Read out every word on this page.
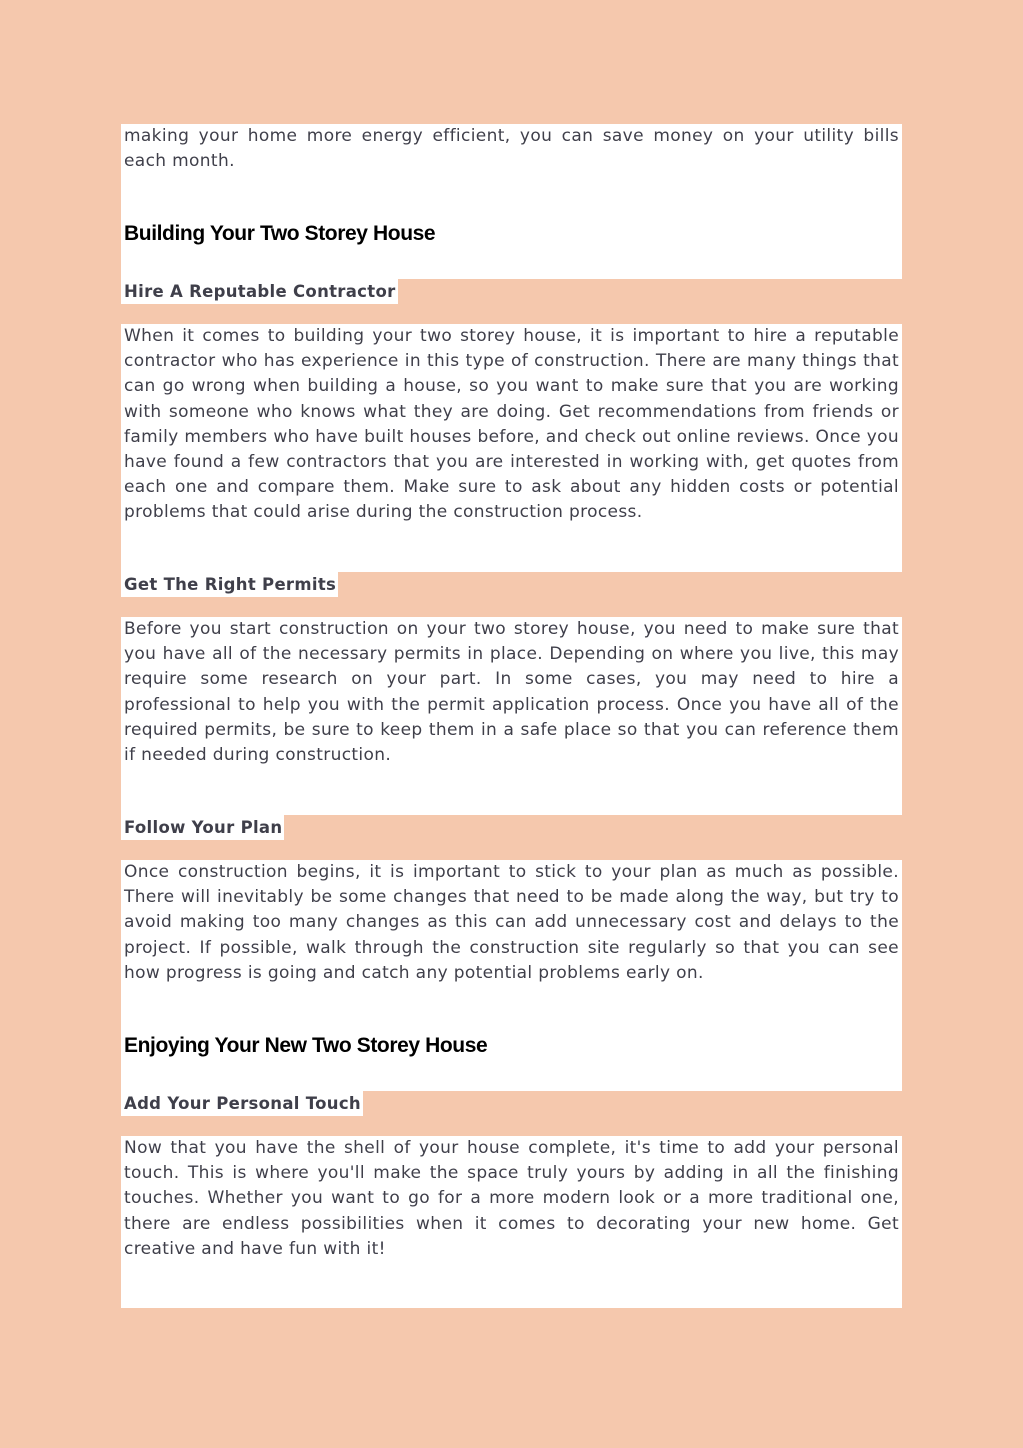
making your home more energy efficient, you can save money on your utility bills each month.
Building Your Two Storey House
Hire A Reputable Contractor
When it comes to building your two storey house, it is important to hire a reputable contractor who has experience in this type of construction. There are many things that can go wrong when building a house, so you want to make sure that you are working with someone who knows what they are doing. Get recommendations from friends or family members who have built houses before, and check out online reviews. Once you have found a few contractors that you are interested in working with, get quotes from each one and compare them. Make sure to ask about any hidden costs or potential problems that could arise during the construction process.
Get The Right Permits
Before you start construction on your two storey house, you need to make sure that you have all of the necessary permits in place. Depending on where you live, this may require some research on your part. In some cases, you may need to hire a professional to help you with the permit application process. Once you have all of the required permits, be sure to keep them in a safe place so that you can reference them if needed during construction.
Follow Your Plan
Once construction begins, it is important to stick to your plan as much as possible. There will inevitably be some changes that need to be made along the way, but try to avoid making too many changes as this can add unnecessary cost and delays to the project. If possible, walk through the construction site regularly so that you can see how progress is going and catch any potential problems early on.
Enjoying Your New Two Storey House
Add Your Personal Touch
Now that you have the shell of your house complete, it's time to add your personal touch. This is where you'll make the space truly yours by adding in all the finishing touches. Whether you want to go for a more modern look or a more traditional one, there are endless possibilities when it comes to decorating your new home. Get creative and have fun with it!
